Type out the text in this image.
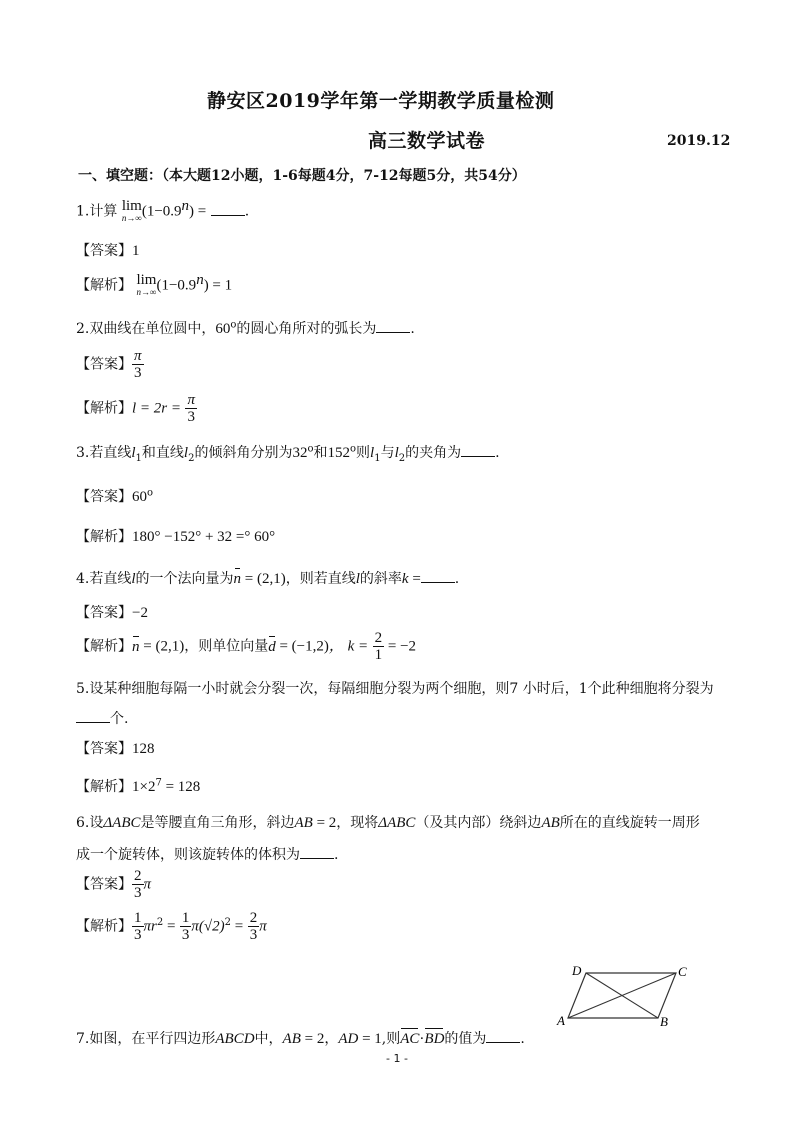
静安区2019学年第一学期教学质量检测
高三数学试卷	2019.12
一、填空题：（本大题12小题，1-6每题4分，7-12每题5分，共54分）
1.计算 lim
n→∞ $(1-0.9^n)$ =	.
【答案】1
【解析】 lim
n→∞ $(1-0.9^n) = 1$
2.双曲线在单位圆中，60$^o$的圆心角所对的弧长为 .
【答案】 $\frac{\pi}{3}$
【解析】$l = 2r = \frac{\pi}{3}$
3.若直线$l_1$和直线$l_2$的倾斜角分别为32$^o$和152$^o$则$l_1$与$l_2$的夹角为 .
【答案】60$^o$
【解析】180° −152° + 32 =° 60°
4.若直线l的一个法向量为n = (2,1)，则若直线l的斜率k = .
【答案】−2
【解析】n = (2,1)，则单位向量d = (−1,2)， $k = \frac{2}{1} = -2$
5.设某种细胞每隔一小时就会分裂一次，每隔细胞分裂为两个细胞，则7 小时后，1个此种细胞将分裂为
个.
【答案】128
【解析】$1\times 2^7 = 128$
6.设ΔABC是等腰直角三角形，斜边AB = 2，现将ΔABC（及其内部）绕斜边AB所在的直线旋转一周形
成一个旋转体，则该旋转体的体积为 .
【答案】 $\frac{2}{3}$ π
【解析】 $\frac{1}{3} \pi r^2 = \frac{1}{3} \pi(√2)^2 = \frac{2}{3}$ π
A	B
C
D
7.如图，在平行四边形ABCD中，AB = 2，AD = 1,则AC·BD的值为 .
- 1 -
